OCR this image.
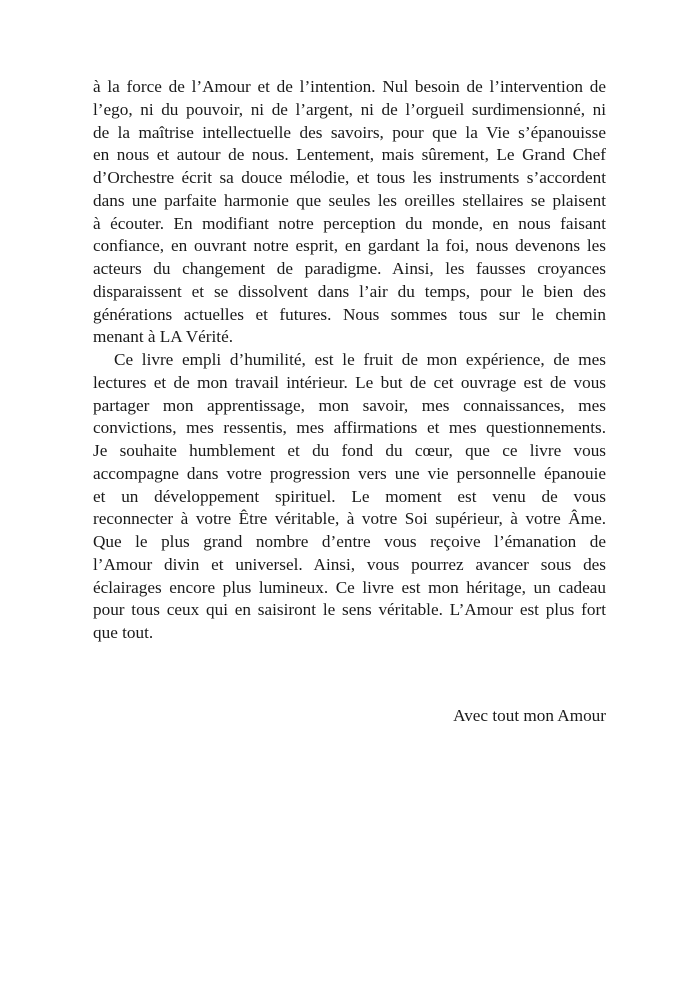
à la force de l’Amour et de l’intention. Nul besoin de l’intervention de
l’ego, ni du pouvoir, ni de l’argent, ni de l’orgueil surdimensionné, ni
de la maîtrise intellectuelle des savoirs, pour que la Vie s’épanouisse
en nous et autour de nous. Lentement, mais sûrement, Le Grand Chef
d’Orchestre écrit sa douce mélodie, et tous les instruments s’accordent
dans une parfaite harmonie que seules les oreilles stellaires se plaisent
à écouter. En modifiant notre perception du monde, en nous faisant
confiance, en ouvrant notre esprit, en gardant la foi, nous devenons les
acteurs du changement de paradigme. Ainsi, les fausses croyances
disparaissent et se dissolvent dans l’air du temps, pour le bien des
générations actuelles et futures. Nous sommes tous sur le chemin
menant à LA Vérité.
Ce livre empli d’humilité, est le fruit de mon expérience, de mes
lectures et de mon travail intérieur. Le but de cet ouvrage est de vous
partager mon apprentissage, mon savoir, mes connaissances, mes
convictions, mes ressentis, mes affirmations et mes questionnements.
Je souhaite humblement et du fond du cœur, que ce livre vous
accompagne dans votre progression vers une vie personnelle épanouie
et un développement spirituel. Le moment est venu de vous
reconnecter à votre Être véritable, à votre Soi supérieur, à votre Âme.
Que le plus grand nombre d’entre vous reçoive l’émanation de
l’Amour divin et universel. Ainsi, vous pourrez avancer sous des
éclairages encore plus lumineux. Ce livre est mon héritage, un cadeau
pour tous ceux qui en saisiront le sens véritable. L’Amour est plus fort
que tout.
Avec tout mon Amour
